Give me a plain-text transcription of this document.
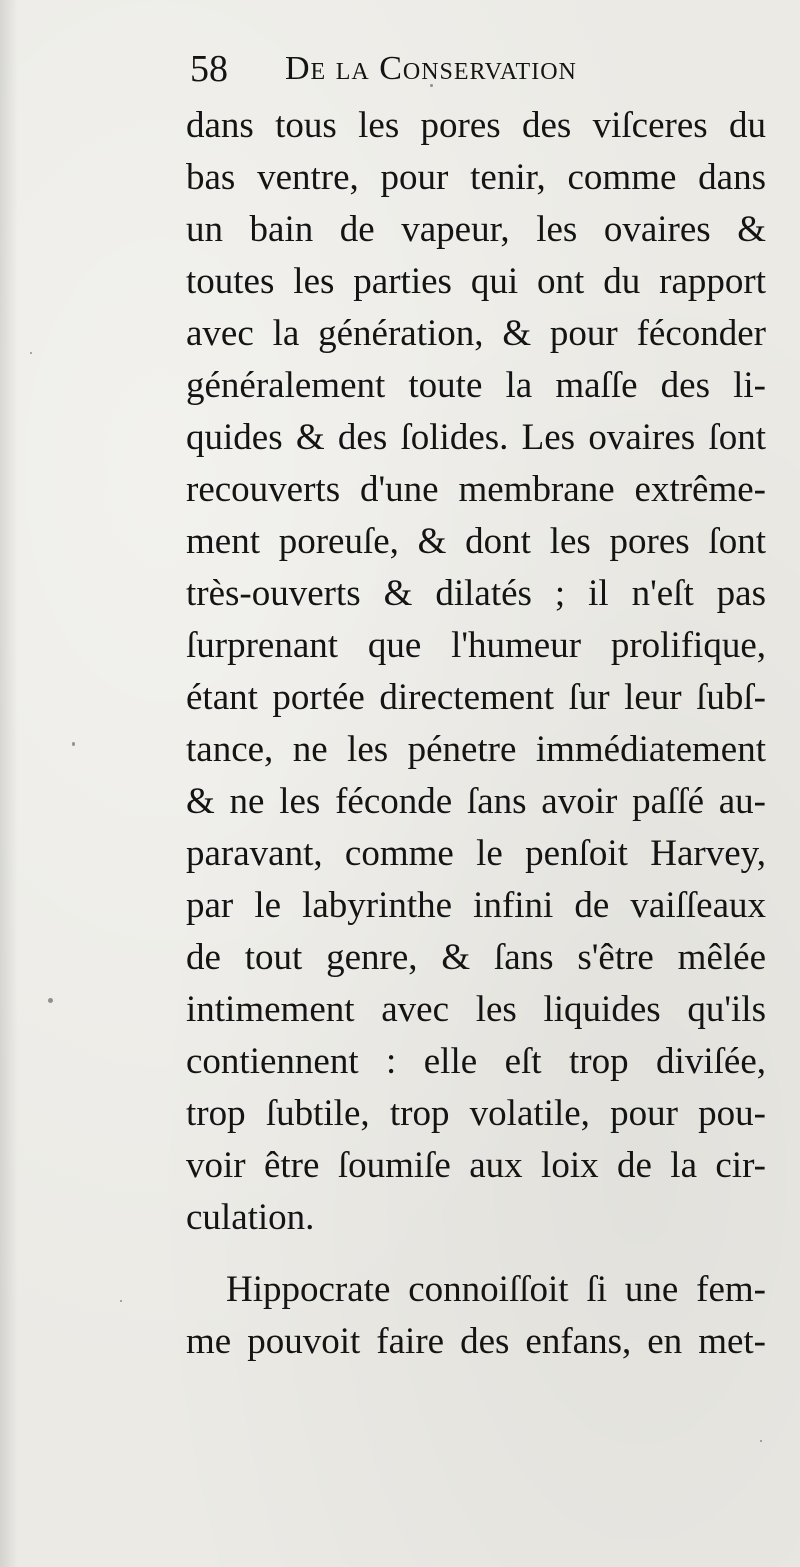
58 De la Conservation
dans tous les pores des viſceres du
bas ventre, pour tenir, comme dans
un bain de vapeur, les ovaires &
toutes les parties qui ont du rapport
avec la génération, & pour féconder
généralement toute la maſſe des li-
quides & des ſolides. Les ovaires ſont
recouverts d'une membrane extrême-
ment poreuſe, & dont les pores ſont
très-ouverts & dilatés ; il n'eſt pas
ſurprenant que l'humeur prolifique,
étant portée directement ſur leur ſubſ-
tance, ne les pénetre immédiatement
& ne les féconde ſans avoir paſſé au-
paravant, comme le penſoit Harvey,
par le labyrinthe infini de vaiſſeaux
de tout genre, & ſans s'être mêlée
intimement avec les liquides qu'ils
contiennent : elle eſt trop diviſée,
trop ſubtile, trop volatile, pour pou-
voir être ſoumiſe aux loix de la cir-
culation.
Hippocrate connoiſſoit ſi une fem-
me pouvoit faire des enfans, en met-
